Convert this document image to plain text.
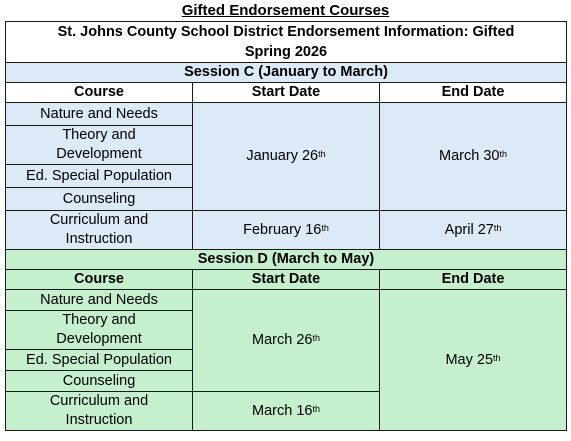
Gifted Endorsement Courses
St. Johns County School District Endorsement Information: Gifted
Spring 2026		

Session C (January to March)		
Course	Start Date	End Date
Nature and Needs	January 26th	March 30th

Theory and Development		

Ed. Special Population		
Counseling		

Curriculum and Instruction	February 16th	April 27th
Session D (March to May)		
Course	Start Date	End Date
Nature and Needs	March 26th	May 25th

Theory and Development		

Ed. Special Population		
Counseling		

Curriculum and Instruction	March 16th
